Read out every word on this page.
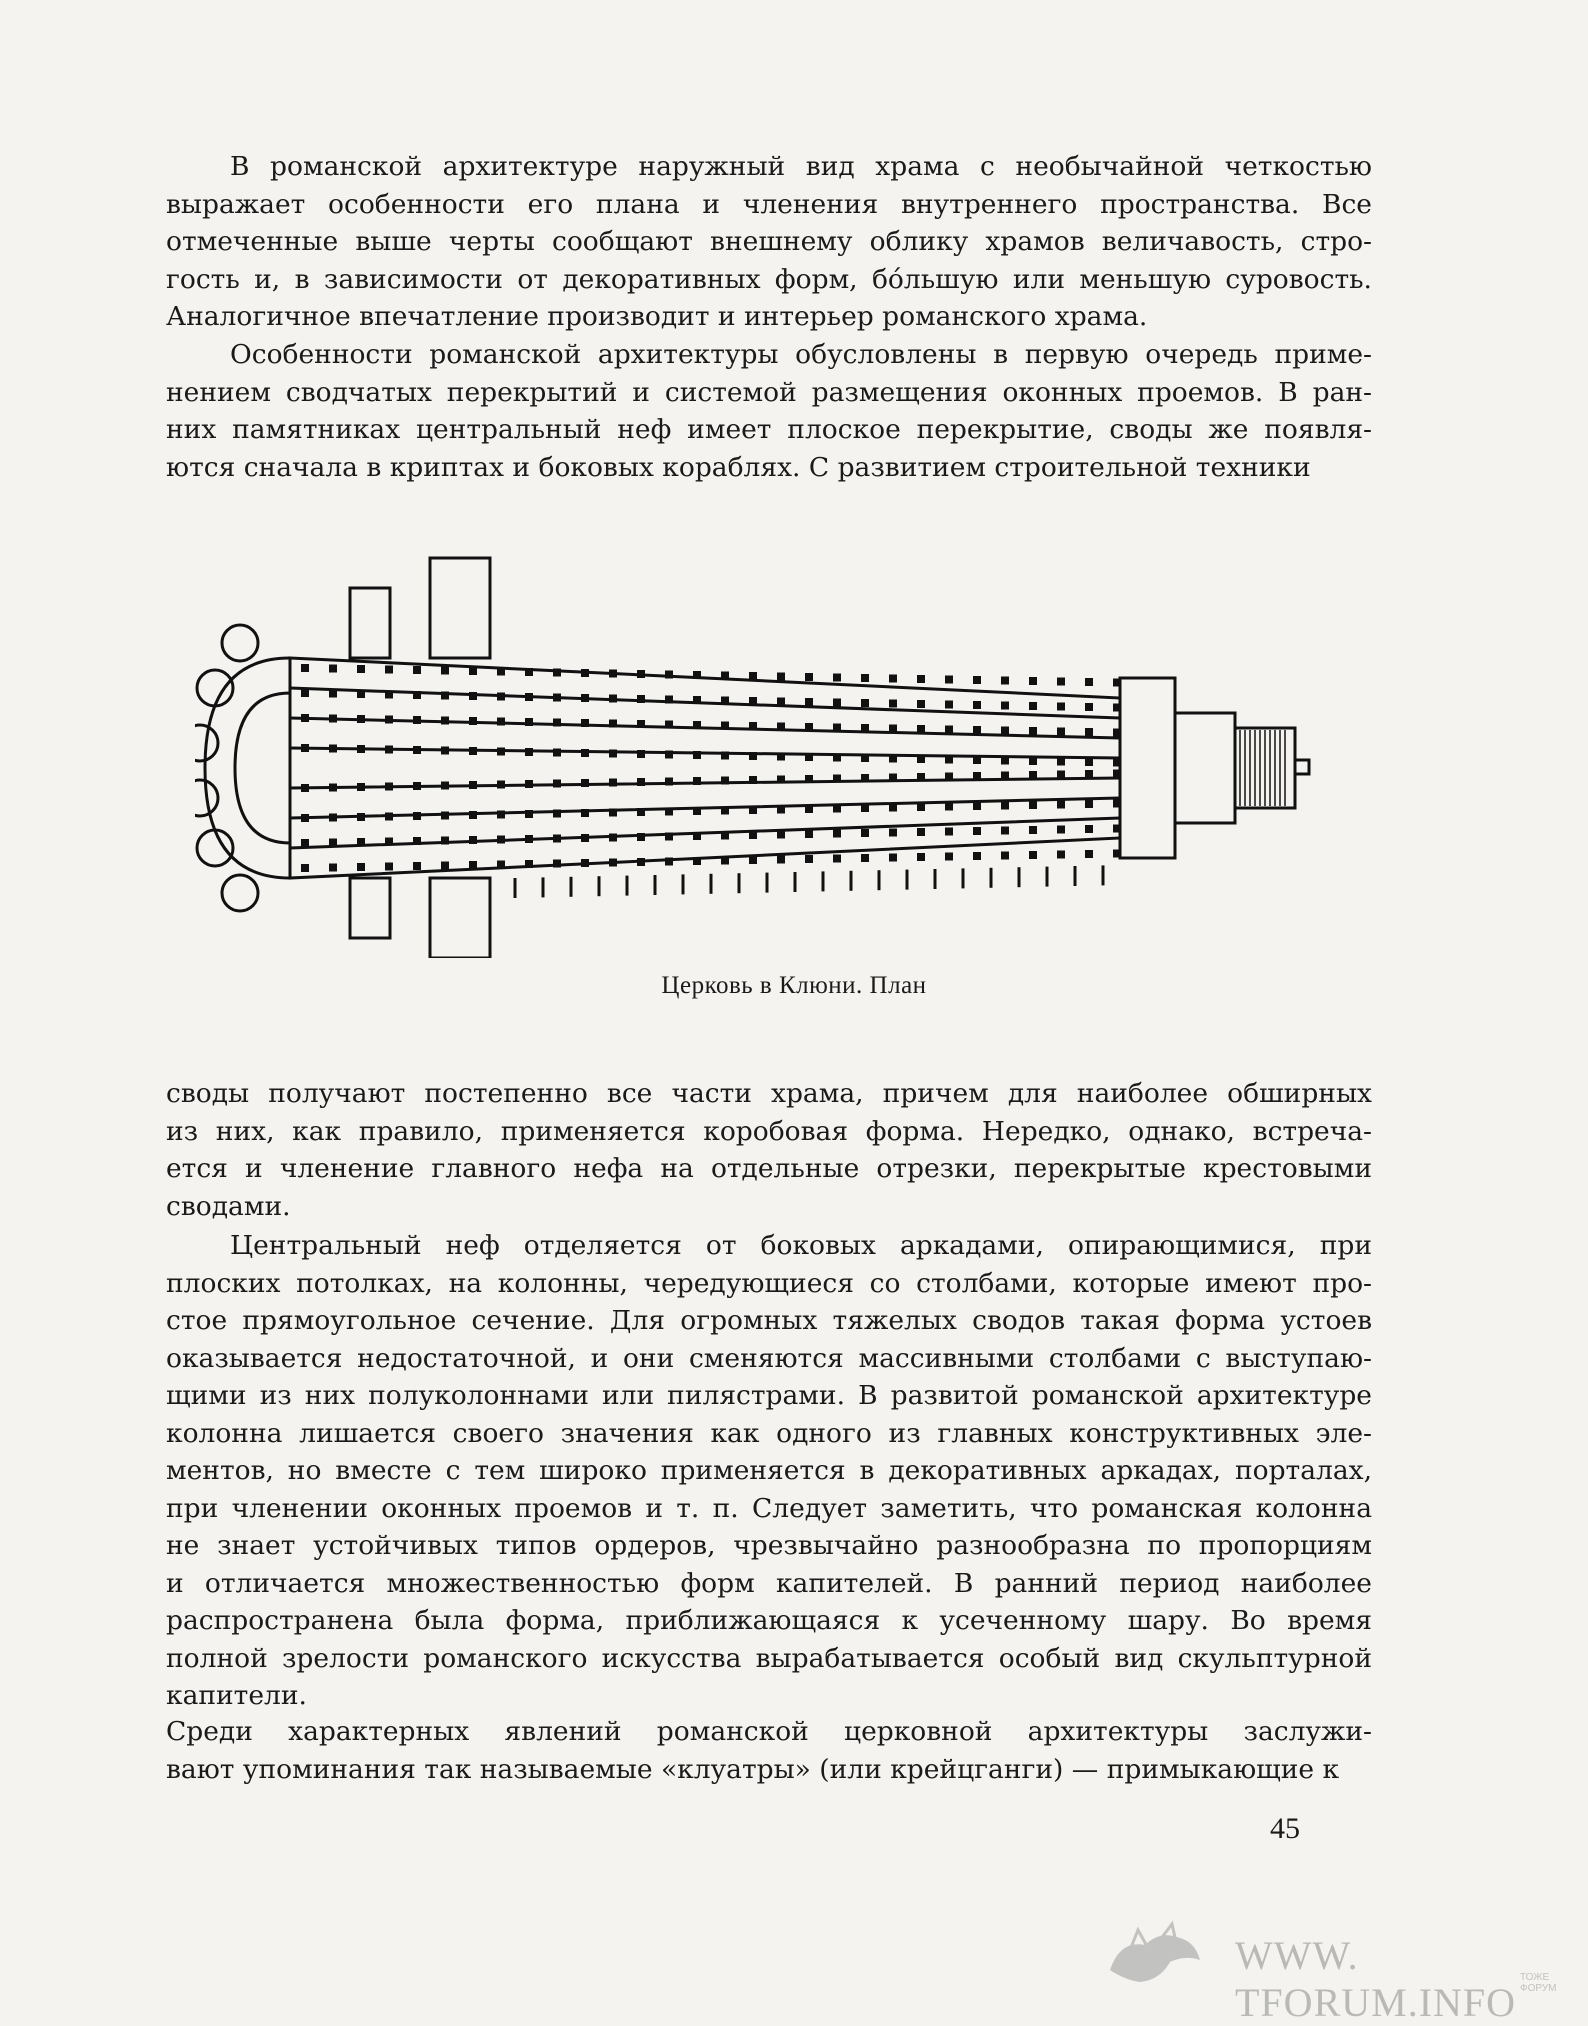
В романской архитектуре наружный вид храма с необычайной четкостью
выражает особенности его плана и членения внутреннего пространства. Все
отмеченные выше черты сообщают внешнему облику храмов величавость, стро-
гость и, в зависимости от декоративных форм, бо́льшую или меньшую суровость.
Аналогичное впечатление производит и интерьер романского храма.
Особенности романской архитектуры обусловлены в первую очередь приме-
нением сводчатых перекрытий и системой размещения оконных проемов. В ран-
них памятниках центральный неф имеет плоское перекрытие, своды же появля-
ются сначала в криптах и боковых кораблях. С развитием строительной техники
Церковь в Клюни. План
своды получают постепенно все части храма, причем для наиболее обширных
из них, как правило, применяется коробовая форма. Нередко, однако, встреча-
ется и членение главного нефа на отдельные отрезки, перекрытые крестовыми
сводами.
Центральный неф отделяется от боковых аркадами, опирающимися, при
плоских потолках, на колонны, чередующиеся со столбами, которые имеют про-
стое прямоугольное сечение. Для огромных тяжелых сводов такая форма устоев
оказывается недостаточной, и они сменяются массивными столбами с выступаю-
щими из них полуколоннами или пилястрами. В развитой романской архитектуре
колонна лишается своего значения как одного из главных конструктивных эле-
ментов, но вместе с тем широко применяется в декоративных аркадах, порталах,
при членении оконных проемов и т. п. Следует заметить, что романская колонна
не знает устойчивых типов ордеров, чрезвычайно разнообразна по пропорциям
и отличается множественностью форм капителей. В ранний период наиболее
распространена была форма, приближающаяся к усеченному шару. Во время
полной зрелости романского искусства вырабатывается особый вид скульптурной
капители.
Среди характерных явлений романской церковной архитектуры заслужи-
вают упоминания так называемые «клуатры» (или крейцганги) — примыкающие к
45
WWW. TFORUM.INFO
ТОЖЕ ФОРУМ
